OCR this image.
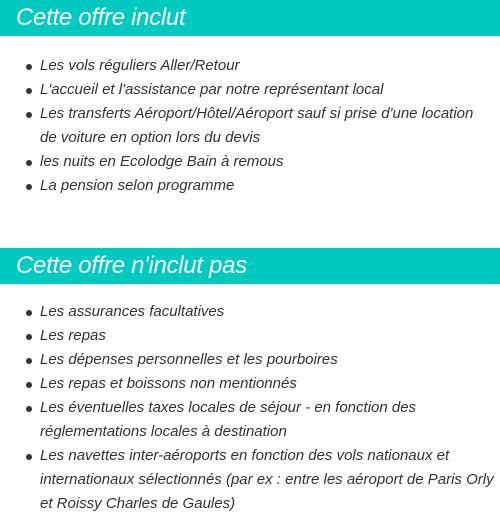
Cette offre inclut
Les vols réguliers Aller/Retour
L'accueil et l'assistance par notre représentant local
Les transferts Aéroport/Hôtel/Aéroport sauf si prise d'une location de voiture en option lors du devis
les nuits en Ecolodge Bain à remous
La pension selon programme
Cette offre n'inclut pas
Les assurances facultatives
Les repas
Les dépenses personnelles et les pourboires
Les repas et boissons non mentionnés
Les éventuelles taxes locales de séjour - en fonction des réglementations locales à destination
Les navettes inter-aéroports en fonction des vols nationaux et internationaux sélectionnés (par ex : entre les aéroport de Paris Orly et Roissy Charles de Gaules)
